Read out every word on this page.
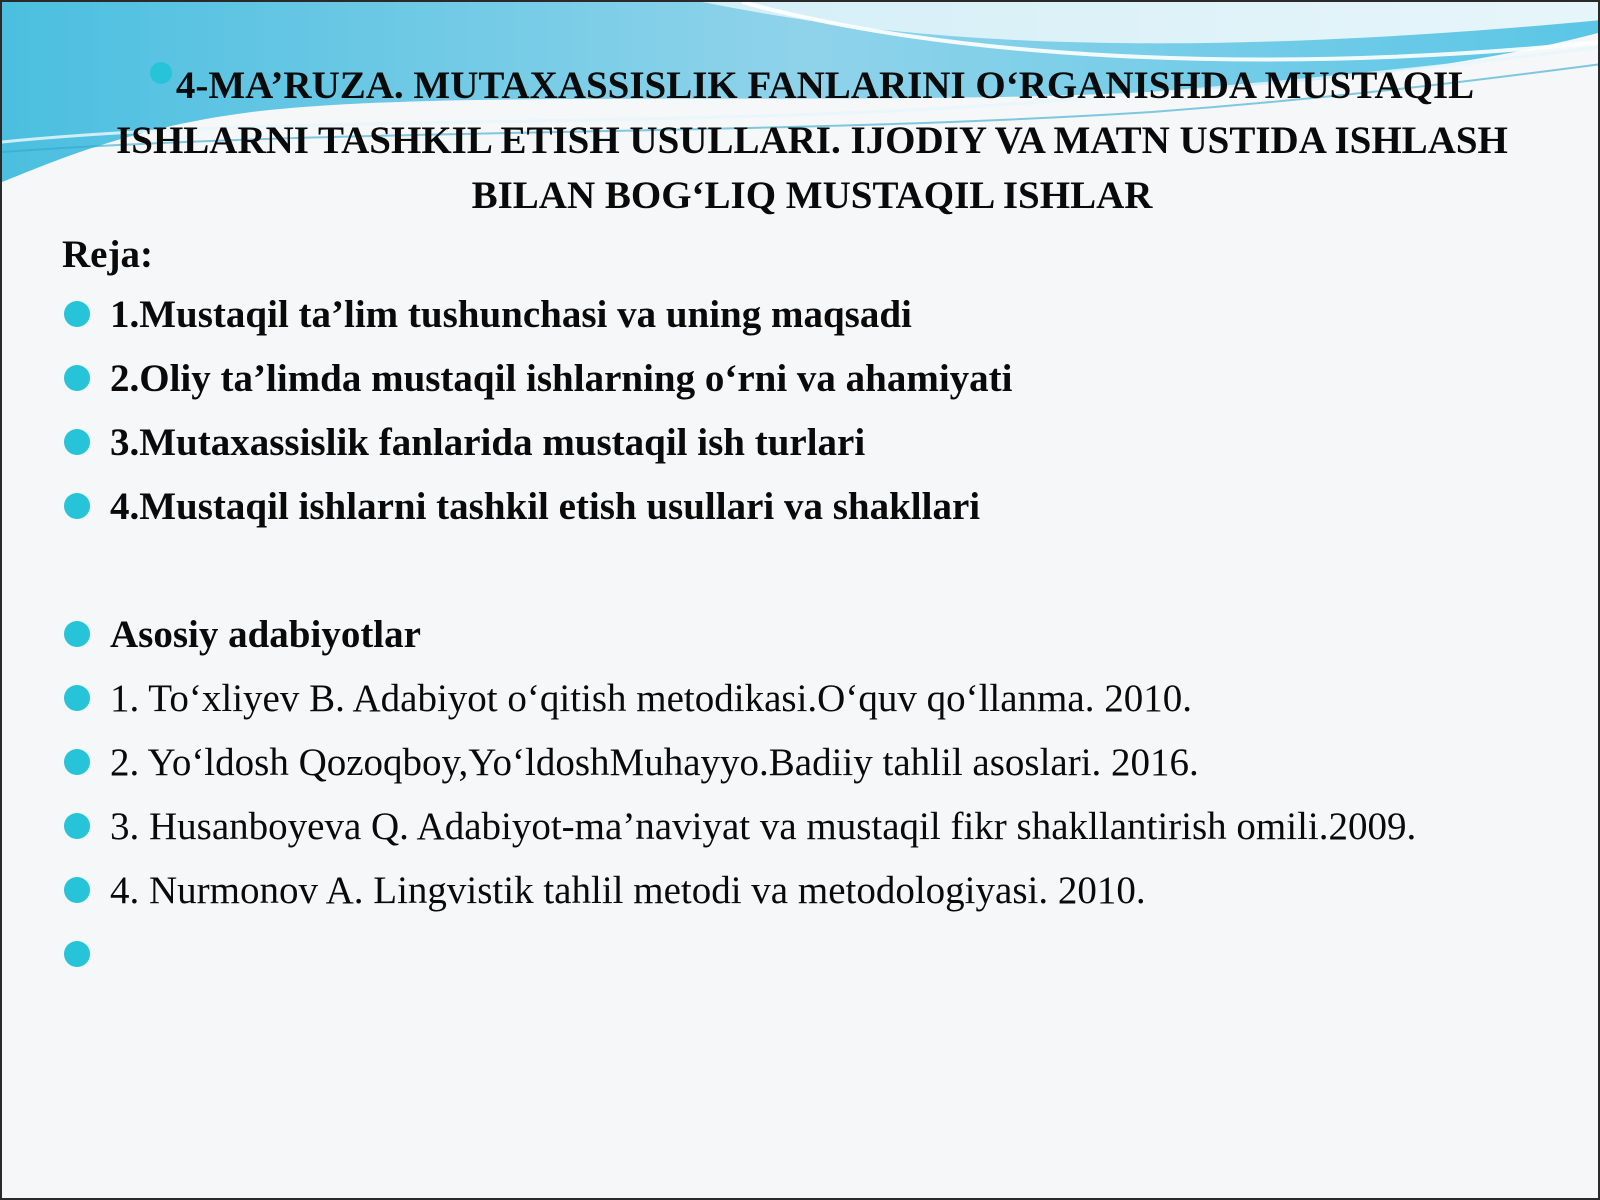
4-MA’RUZA. MUTAXASSISLIK FANLARINI O‘RGANISHDA MUSTAQIL ISHLARNI TASHKIL ETISH USULLARI. IJODIY VA MATN USTIDA ISHLASH BILAN BOG‘LIQ MUSTAQIL ISHLAR
Reja:
1.Mustaqil ta’lim tushunchasi va uning maqsadi
2.Oliy ta’limda mustaqil ishlarning o‘rni va ahamiyati
3.Mutaxassislik fanlarida mustaqil ish turlari
4.Mustaqil ishlarni tashkil etish usullari va shakllari
Asosiy adabiyotlar
1. To‘xliyev B. Adabiyot o‘qitish metodikasi.O‘quv qo‘llanma. 2010.
2. Yo‘ldosh Qozoqboy,Yo‘ldoshMuhayyo.Badiiy tahlil asoslari. 2016.
3. Husanboyeva Q. Adabiyot-ma’naviyat va mustaqil fikr shakllantirish omili.2009.
4. Nurmonov A. Lingvistik tahlil metodi va metodologiyasi. 2010.
